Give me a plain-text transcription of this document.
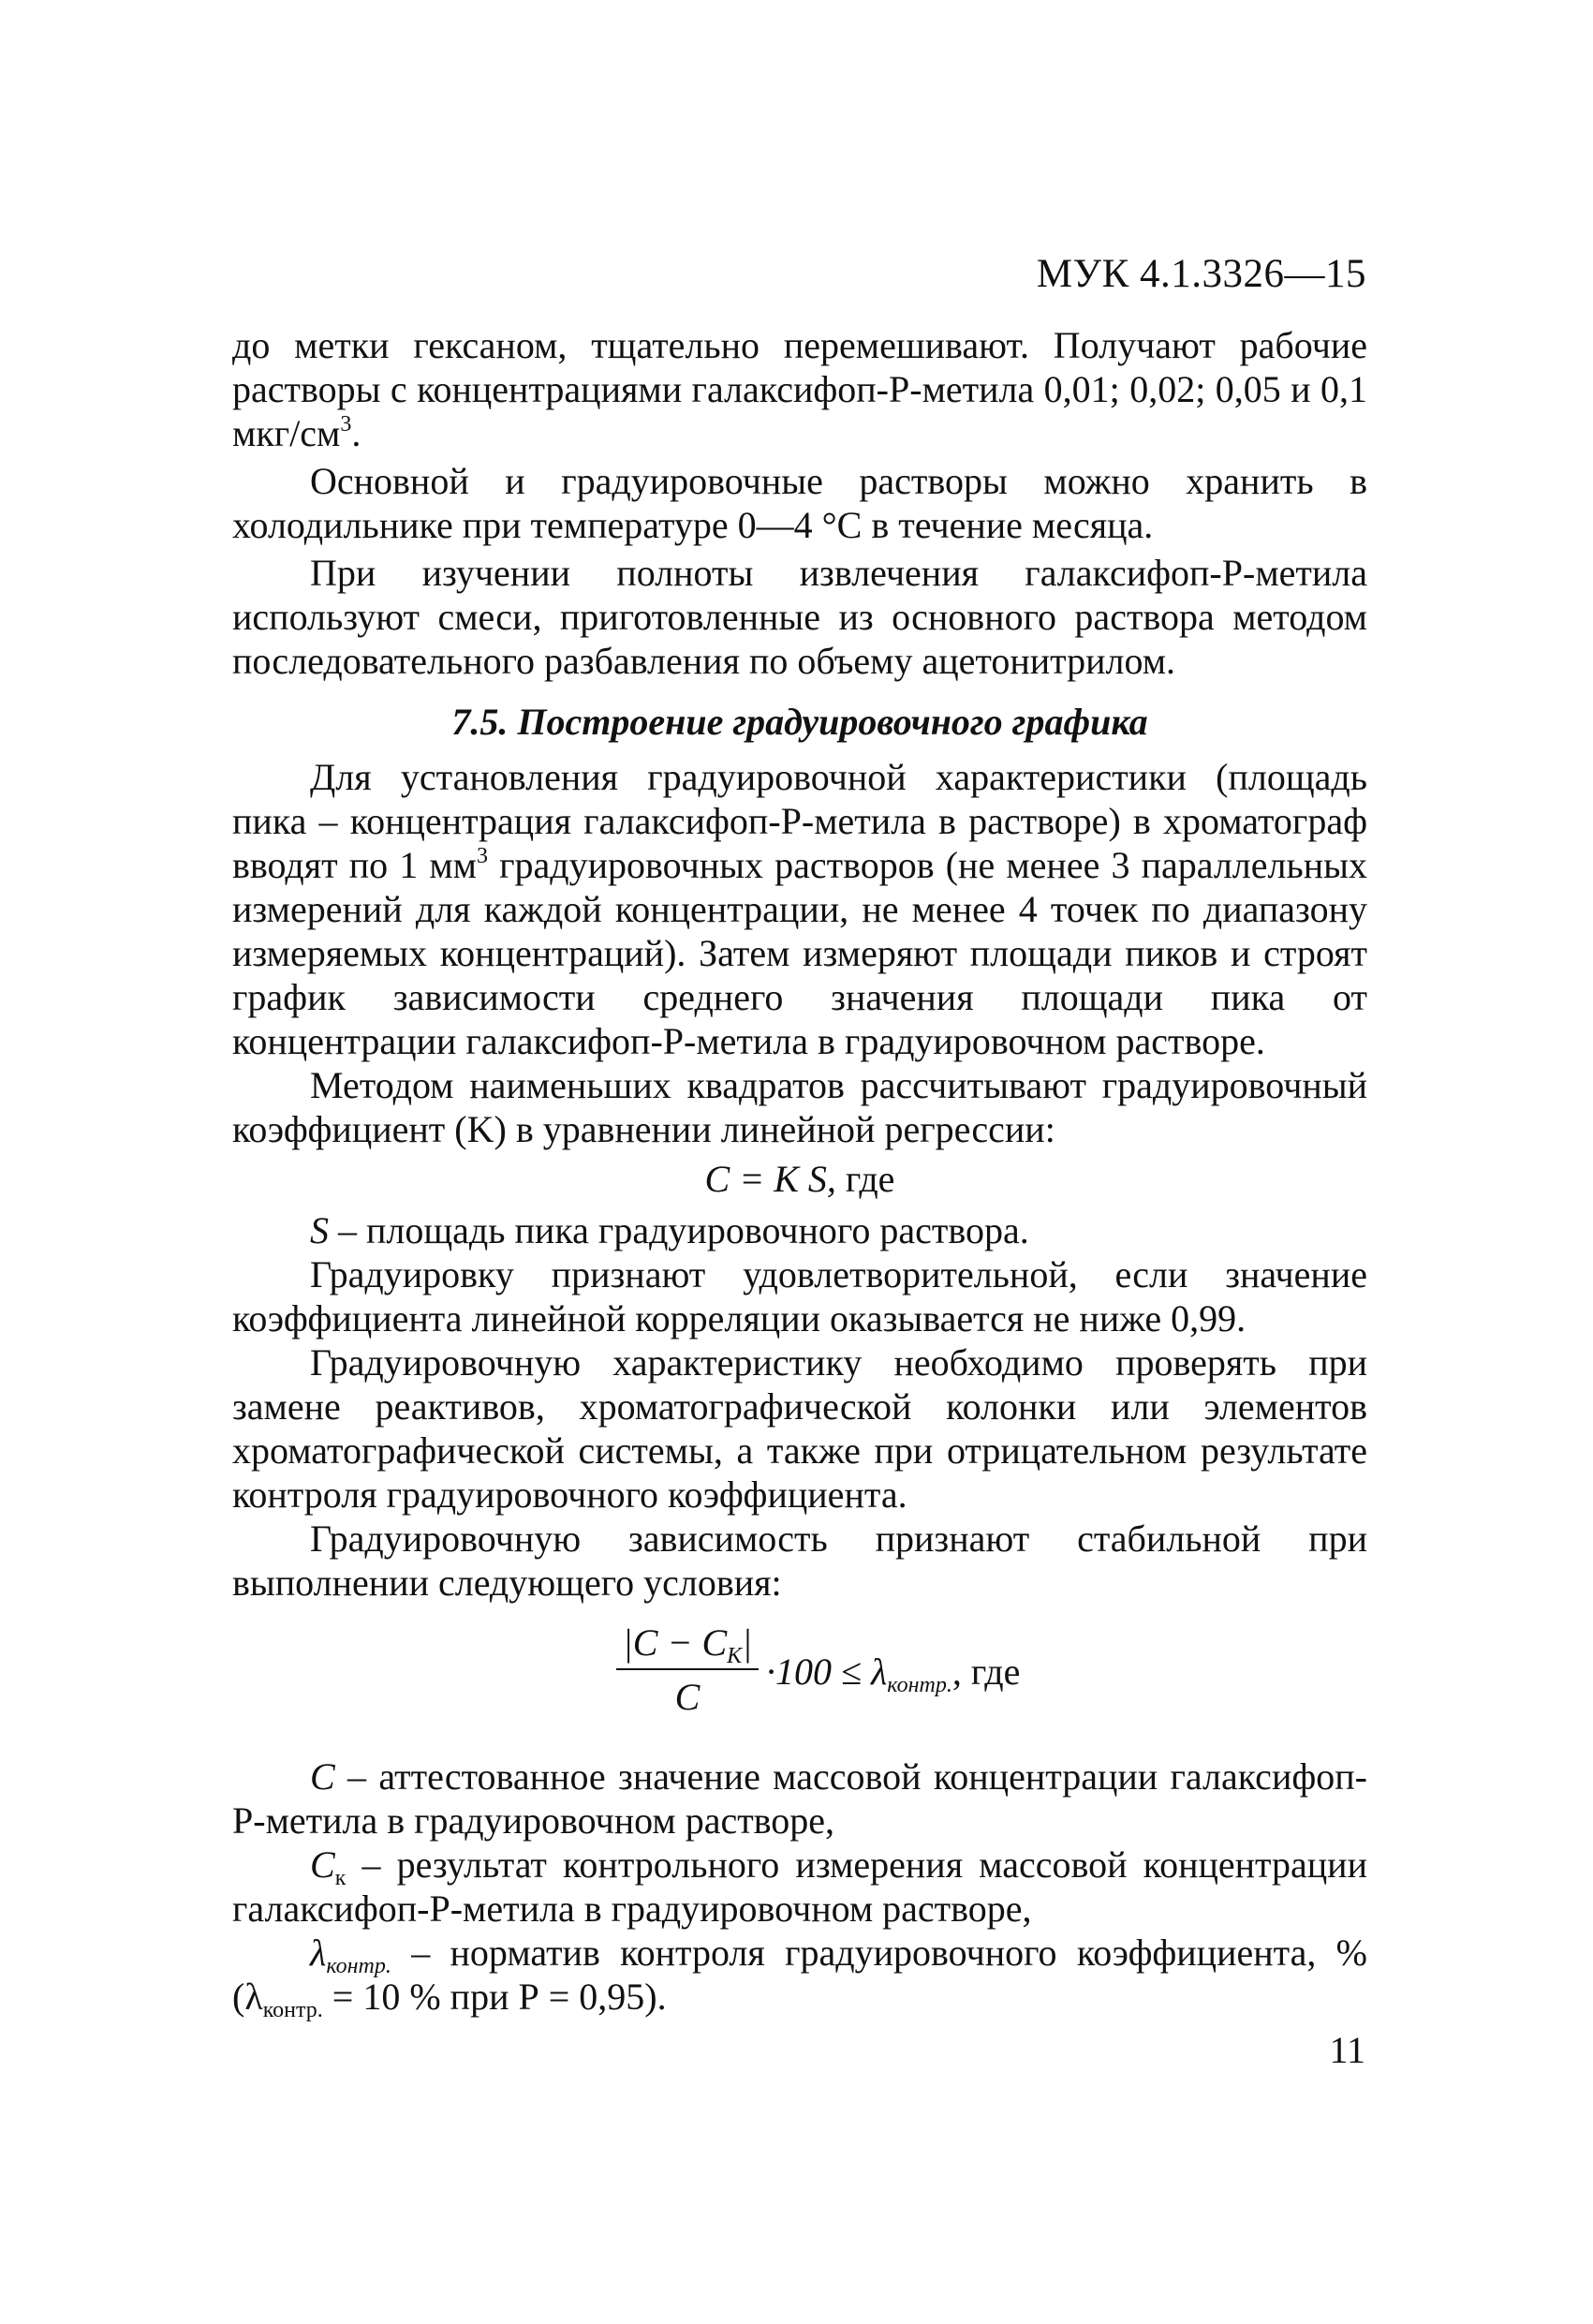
МУК 4.1.3326—15

до метки гексаном, тщательно перемешивают. Получают рабочие растворы с концентрациями галаксифоп-Р-метила 0,01; 0,02; 0,05 и 0,1 мкг/$см^3$.

Основной и градуировочные растворы можно хранить в холодильнике при температуре 0—4 °С в течение месяца.

При изучении полноты извлечения галаксифоп-Р-метила используют смеси, приготовленные из основного раствора методом последовательного разбавления по объему ацетонитрилом.

7.5. Построение градуировочного графика

Для установления градуировочной характеристики (площадь пика – концентрация галаксифоп-Р-метила в растворе) в хроматограф вводят по 1 $мм^3$ градуировочных растворов (не менее 3 параллельных измерений для каждой концентрации, не менее 4 точек по диапазону измеряемых концентраций). Затем измеряют площади пиков и строят график зависимости среднего значения площади пика от концентрации галаксифоп-Р-метила в градуировочном растворе.

Методом наименьших квадратов рассчитывают градуировочный коэффициент (K) в уравнении линейной регрессии:

C = K S, где

S – площадь пика градуировочного раствора.

Градуировку признают удовлетворительной, если значение коэффициента линейной корреляции оказывается не ниже 0,99.

Градуировочную характеристику необходимо проверять при замене реактивов, хроматографической колонки или элементов хроматографической системы, а также при отрицательном результате контроля градуировочного коэффициента.

Градуировочную зависимость признают стабильной при выполнении следующего условия:

$|C - C_K|$
C
$\cdot 100 \le \lambda_{контр.}$, где

C – аттестованное значение массовой концентрации галаксифоп-Р-метила в градуировочном растворе,

$C_к$ – результат контрольного измерения массовой концентрации галаксифоп-Р-метила в градуировочном растворе,

$\lambda_{контр.}$ – норматив контроля градуировочного коэффициента, % ($\lambda_{контр.} = 10$ % при Р = 0,95).

11
